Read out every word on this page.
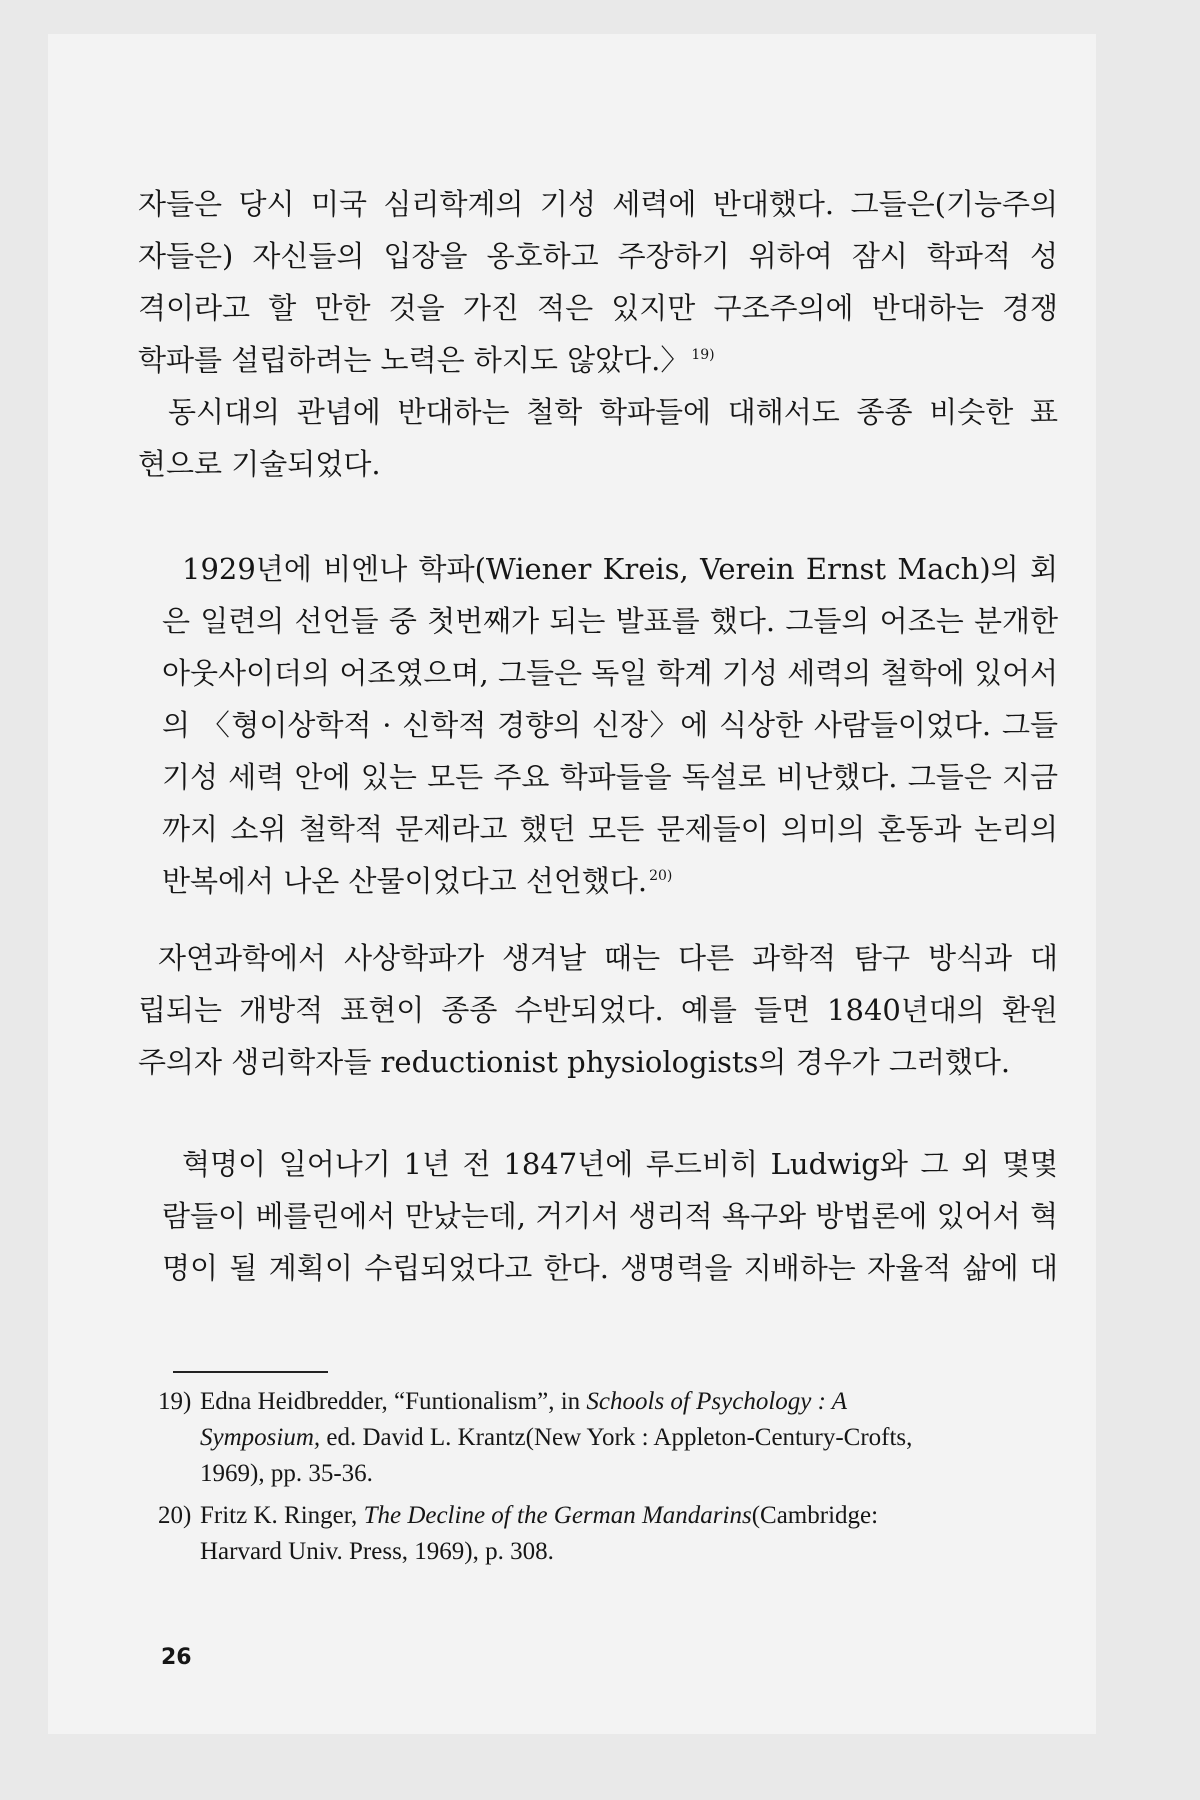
자들은 당시 미국 심리학계의 기성 세력에 반대했다. 그들은(기능주의
자들은) 자신들의 입장을 옹호하고 주장하기 위하여 잠시 학파적 성
격이라고 할 만한 것을 가진 적은 있지만 구조주의에 반대하는 경쟁
학파를 설립하려는 노력은 하지도 않았다.〉 $^{19)}$
동시대의 관념에 반대하는 철학 학파들에 대해서도 종종 비슷한 표
현으로 기술되었다.
1929년에 비엔나 학파(Wiener Kreis, Verein Ernst Mach)의 회
은 일련의 선언들 중 첫번째가 되는 발표를 했다. 그들의 어조는 분개한
아웃사이더의 어조였으며, 그들은 독일 학계 기성 세력의 철학에 있어서
의 〈형이상학적 · 신학적 경향의 신장〉에 식상한 사람들이었다. 그들
기성 세력 안에 있는 모든 주요 학파들을 독설로 비난했다. 그들은 지금
까지 소위 철학적 문제라고 했던 모든 문제들이 의미의 혼동과 논리의
반복에서 나온 산물이었다고 선언했다. $^{20)}$
자연과학에서 사상학파가 생겨날 때는 다른 과학적 탐구 방식과 대
립되는 개방적 표현이 종종 수반되었다. 예를 들면 1840년대의 환원
주의자 생리학자들 reductionist physiologists의 경우가 그러했다.
혁명이 일어나기 1년 전 1847년에 루드비히 Ludwig와 그 외 몇몇
람들이 베를린에서 만났는데, 거기서 생리적 욕구와 방법론에 있어서 혁
명이 될 계획이 수립되었다고 한다. 생명력을 지배하는 자율적 삶에 대
19) Edna Heidbredder, “Funtionalism”, in Schools of Psychology : A
Symposium, ed. David L. Krantz(New York : Appleton-Century-Crofts,
1969), pp. 35-36.
20) Fritz K. Ringer, The Decline of the German Mandarins(Cambridge:
Harvard Univ. Press, 1969), p. 308.
26
